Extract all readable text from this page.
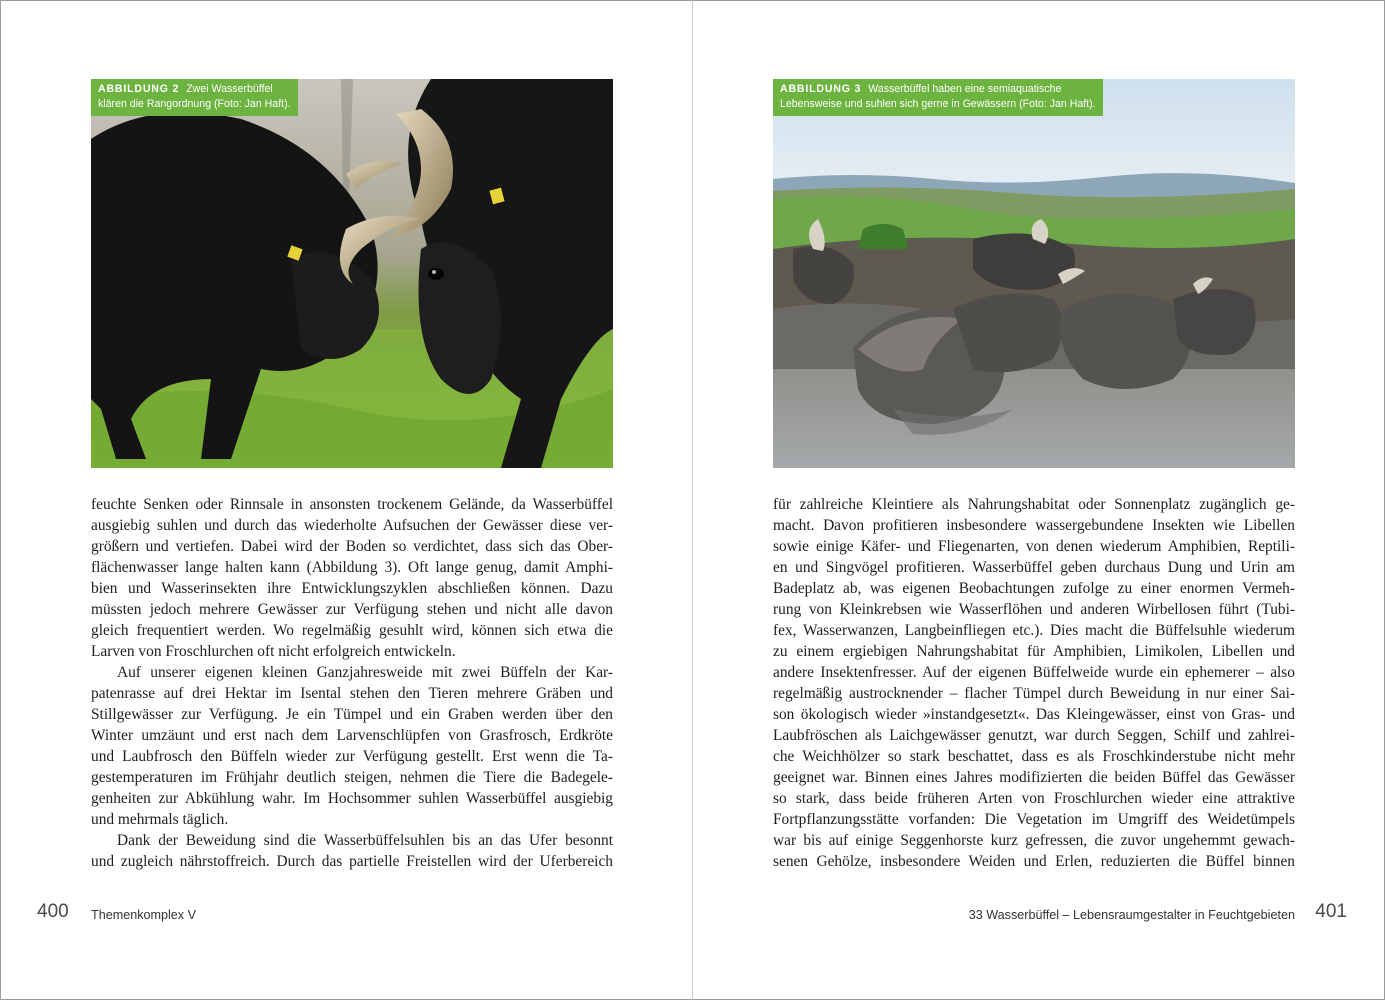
ABBILDUNG 2 Zwei Wasserbüffel
klären die Rangordnung (Foto: Jan Haft).
feuchte Senken oder Rinnsale in ansonsten trockenem Gelände, da Wasserbüffel
ausgiebig suhlen und durch das wiederholte Aufsuchen der Gewässer diese ver-
größern und vertiefen. Dabei wird der Boden so verdichtet, dass sich das Ober-
flächenwasser lange halten kann (Abbildung 3). Oft lange genug, damit Amphi-
bien und Wasserinsekten ihre Entwicklungszyklen abschließen können. Dazu
müssten jedoch mehrere Gewässer zur Verfügung stehen und nicht alle davon
gleich frequentiert werden. Wo regelmäßig gesuhlt wird, können sich etwa die
Larven von Froschlurchen oft nicht erfolgreich entwickeln.
Auf unserer eigenen kleinen Ganzjahresweide mit zwei Büffeln der Kar-
patenrasse auf drei Hektar im Isental stehen den Tieren mehrere Gräben und
Stillgewässer zur Verfügung. Je ein Tümpel und ein Graben werden über den
Winter umzäunt und erst nach dem Larvenschlüpfen von Grasfrosch, Erdkröte
und Laubfrosch den Büffeln wieder zur Verfügung gestellt. Erst wenn die Ta-
gestemperaturen im Frühjahr deutlich steigen, nehmen die Tiere die Badegele-
genheiten zur Abkühlung wahr. Im Hochsommer suhlen Wasserbüffel ausgiebig
und mehrmals täglich.
Dank der Beweidung sind die Wasserbüffelsuhlen bis an das Ufer besonnt
und zugleich nährstoffreich. Durch das partielle Freistellen wird der Uferbereich
400 Themenkomplex V
ABBILDUNG 3 Wasserbüffel haben eine semiaquatische
Lebensweise und suhlen sich gerne in Gewässern (Foto: Jan Haft).
für zahlreiche Kleintiere als Nahrungshabitat oder Sonnenplatz zugänglich ge-
macht. Davon profitieren insbesondere wassergebundene Insekten wie Libellen
sowie einige Käfer- und Fliegenarten, von denen wiederum Amphibien, Reptili-
en und Singvögel profitieren. Wasserbüffel geben durchaus Dung und Urin am
Badeplatz ab, was eigenen Beobachtungen zufolge zu einer enormen Vermeh-
rung von Kleinkrebsen wie Wasserflöhen und anderen Wirbellosen führt (Tubi-
fex, Wasserwanzen, Langbeinfliegen etc.). Dies macht die Büffelsuhle wiederum
zu einem ergiebigen Nahrungshabitat für Amphibien, Limikolen, Libellen und
andere Insektenfresser. Auf der eigenen Büffelweide wurde ein ephemerer – also
regelmäßig austrocknender – flacher Tümpel durch Beweidung in nur einer Sai-
son ökologisch wieder »instandgesetzt«. Das Kleingewässer, einst von Gras- und
Laubfröschen als Laichgewässer genutzt, war durch Seggen, Schilf und zahlrei-
che Weichhölzer so stark beschattet, dass es als Froschkinderstube nicht mehr
geeignet war. Binnen eines Jahres modifizierten die beiden Büffel das Gewässer
so stark, dass beide früheren Arten von Froschlurchen wieder eine attraktive
Fortpflanzungsstätte vorfanden: Die Vegetation im Umgriff des Weidetümpels
war bis auf einige Seggenhorste kurz gefressen, die zuvor ungehemmt gewach-
senen Gehölze, insbesondere Weiden und Erlen, reduzierten die Büffel binnen
33 Wasserbüffel – Lebensraumgestalter in Feuchtgebieten 401
